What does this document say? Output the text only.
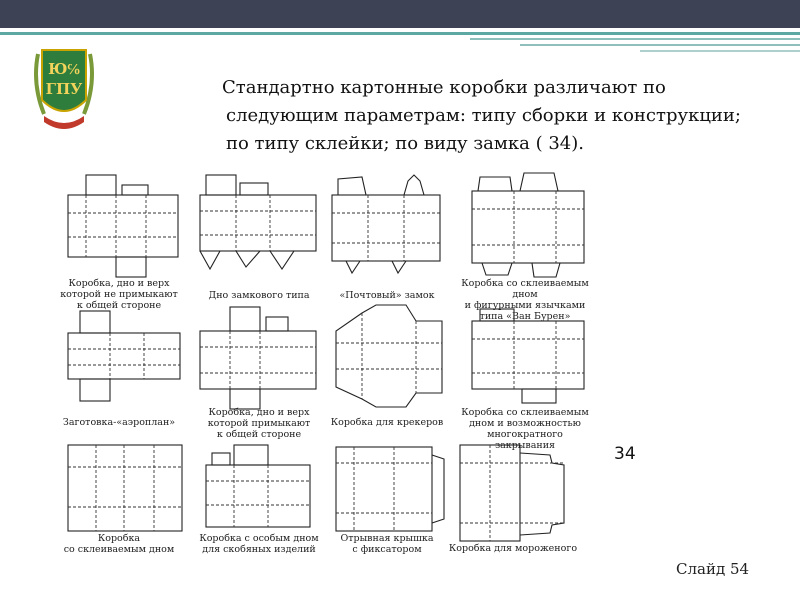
Ю℅
ГПУ	Стандартно картонные коробки различают по
следующим параметрам: типу сборки и конструкции;
по типу склейки; по виду замка ( 34).
Коробка, дно и верх
которой не примыкают
к общей стороне
Дно замкового типа	«Почтовый» замок
Коробка со склеиваемым дном
и фигурными язычками
типа «Ван Бурен»
Заготовка-«аэроплан»
Коробка, дно и верх
которой примыкают
к общей стороне
Коробка для крекеров
Коробка со склеиваемым
дном и возможностью
многократного закрывания
Коробка
со склеиваемым дном
Коробка с особым дном
для скобяных изделий
Отрывная крышка
с фиксатором	Коробка для мороженого
34
Слайд 54
